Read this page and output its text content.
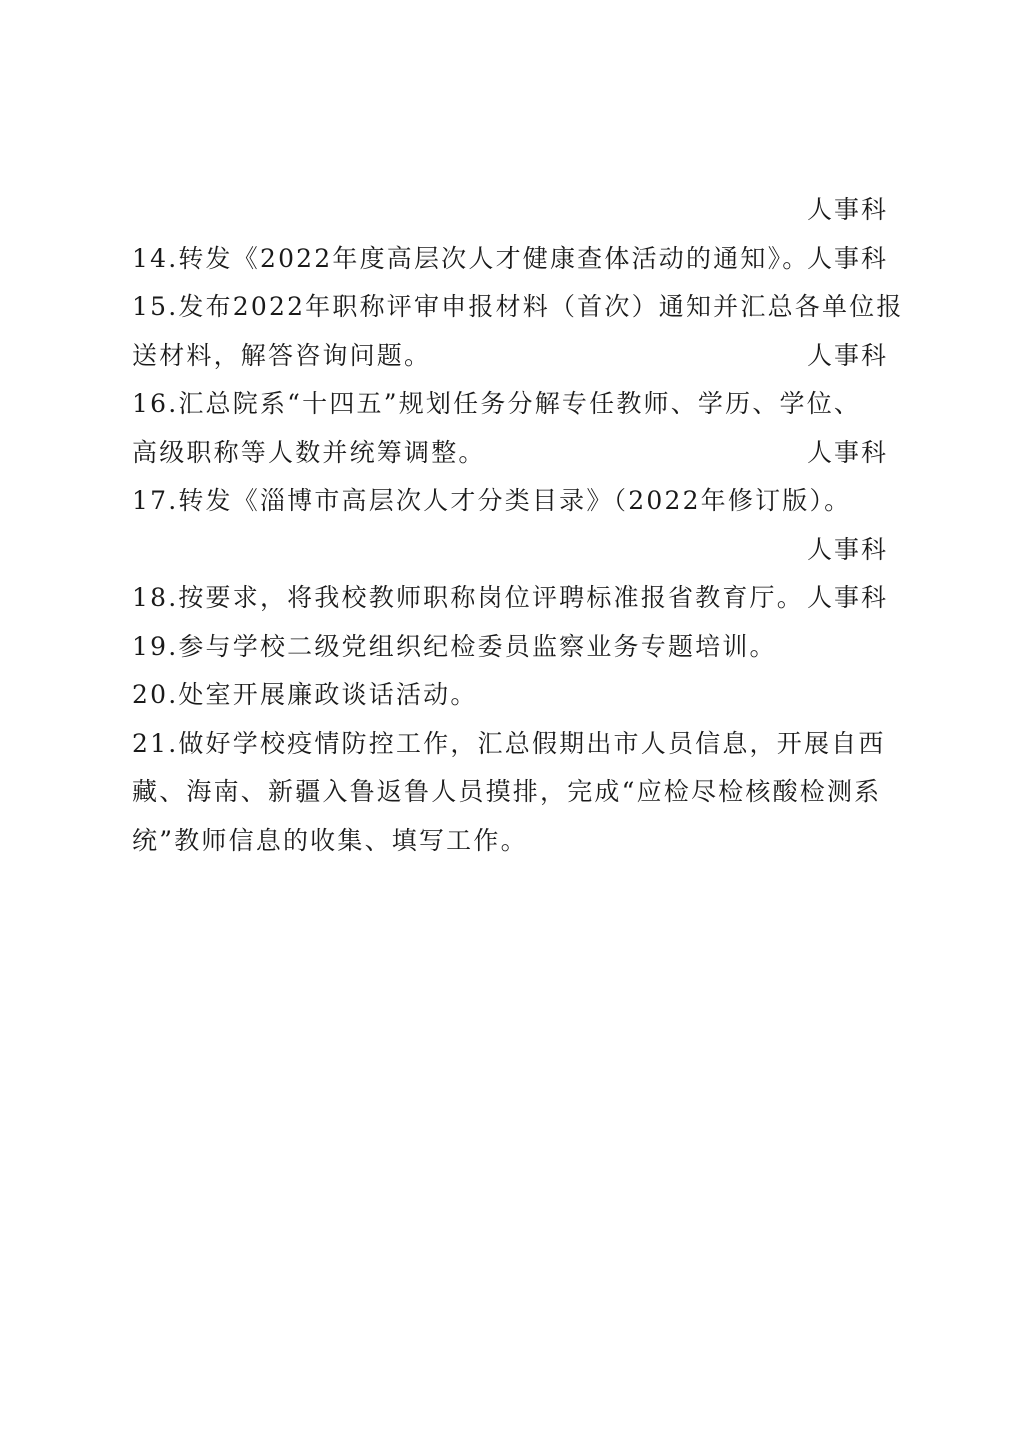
人事科
14.转发《2022年度高层次人才健康查体活动的通知》。
人事科
15.发布2022年职称评审申报材料（首次）通知并汇总各单位报
送材料，解答咨询问题。	人事科
16.汇总院系“十四五”规划任务分解专任教师、学历、学位、
高级职称等人数并统筹调整。	人事科
17.转发《淄博市高层次人才分类目录》（2022年修订版）。
人事科
18.按要求，将我校教师职称岗位评聘标准报省教育厅。 人事科
19.参与学校二级党组织纪检委员监察业务专题培训。
20.处室开展廉政谈话活动。
21.做好学校疫情防控工作，汇总假期出市人员信息，开展自西
藏、海南、新疆入鲁返鲁人员摸排，完成“应检尽检核酸检测系
统”教师信息的收集、填写工作。
